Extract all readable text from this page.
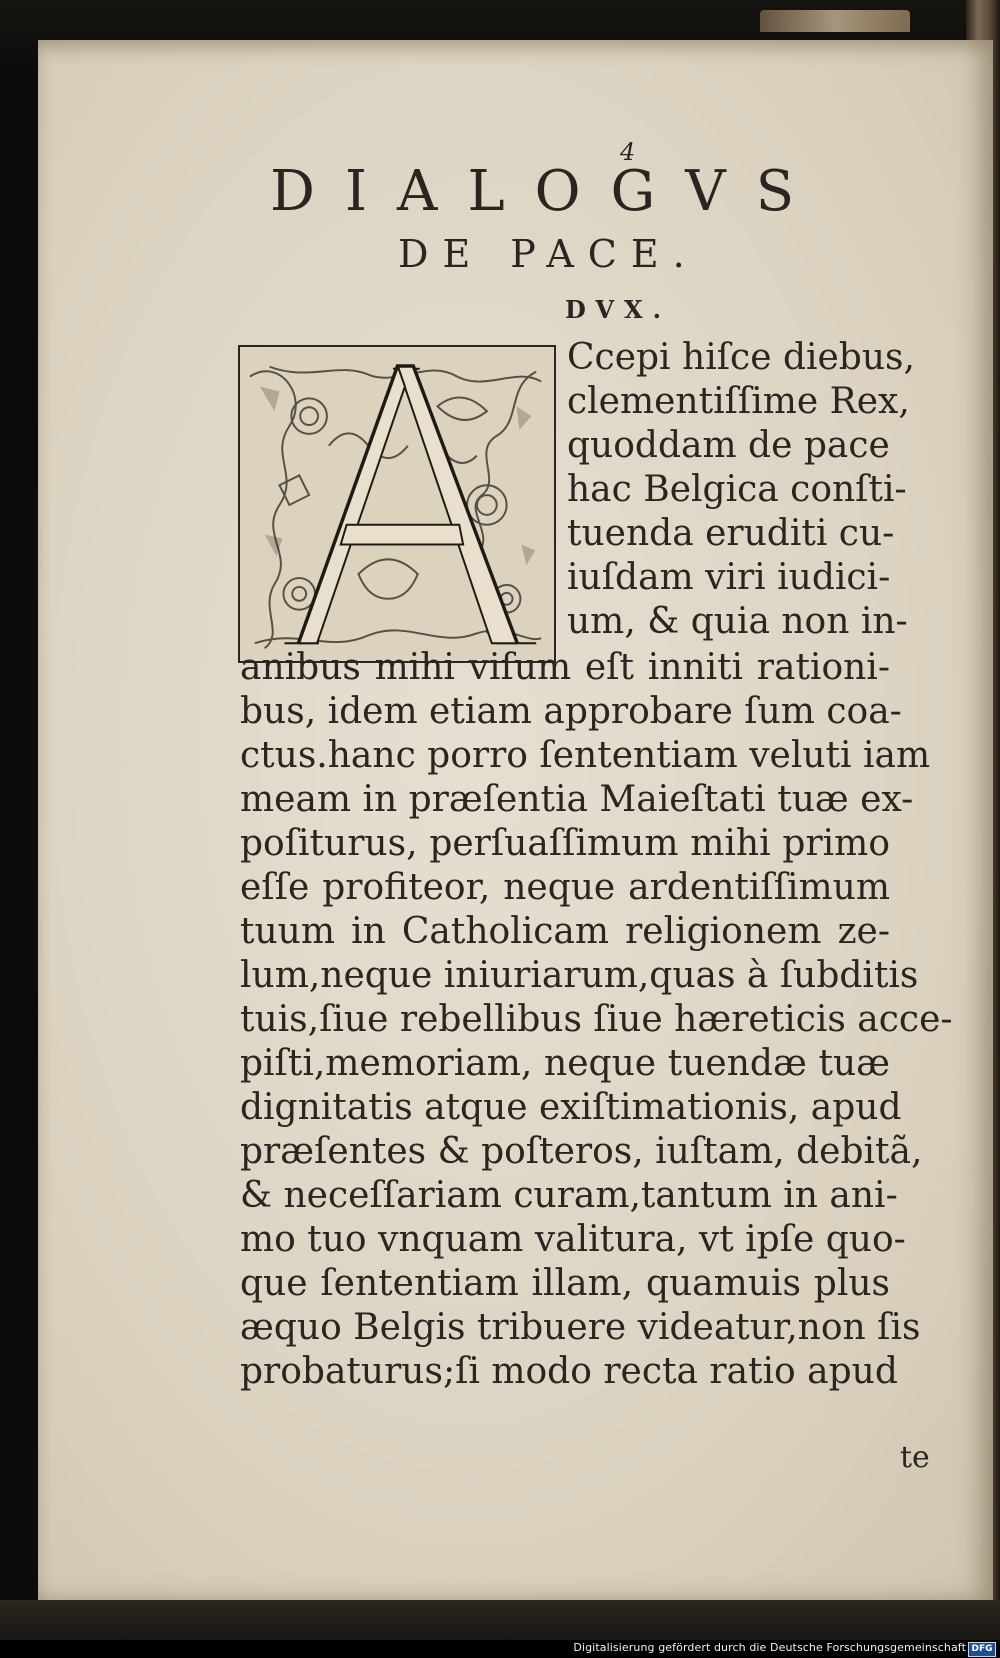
4
DIALOGVS
DE PACE.
DVX.
Ccepi hiſce diebus,
clementiſſime Rex,
quoddam de pace
hac Belgica conſti-
tuenda eruditi cu-
iuſdam viri iudici-
um, & quia non in-
anibus mihi viſum eſt inniti rationi-
bus, idem etiam approbare ſum coa-
ctus.hanc porro ſententiam veluti iam
meam in præſentia Maieſtati tuæ ex-
poſiturus, perſuaſſimum mihi primo
eſſe profiteor, neque ardentiſſimum
tuum in Catholicam religionem ze-
lum,neque iniuriarum,quas à ſubditis
tuis,ſiue rebellibus ſiue hæreticis acce-
piſti,memoriam, neque tuendæ tuæ
dignitatis atque exiſtimationis, apud
præſentes & poſteros, iuſtam, debitã,
& neceſſariam curam,tantum in ani-
mo tuo vnquam valitura, vt ipſe quo-
que ſententiam illam, quamuis plus
æquo Belgis tribuere videatur,non ſis
probaturus;ſi modo recta ratio apud
te
Digitalisierung gefördert durch die Deutsche Forschungsgemeinschaft DFG
